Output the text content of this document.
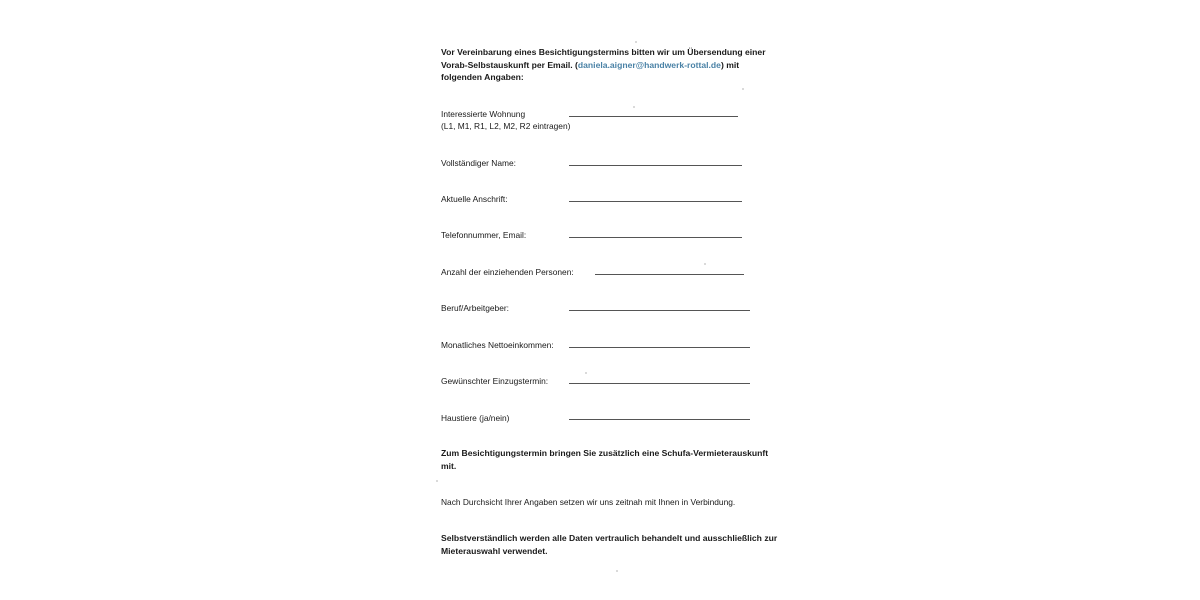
Vor Vereinbarung eines Besichtigungstermins bitten wir um Übersendung einer Vorab-Selbstauskunft per Email. (daniela.aigner@handwerk-rottal.de) mit folgenden Angaben:

Interessierte Wohnung
(L1, M1, R1, L2, M2, R2 eintragen)
Vollständiger Name:
Aktuelle Anschrift:
Telefonnummer, Email:
Anzahl der einziehenden Personen:
Beruf/Arbeitgeber:
Monatliches Nettoeinkommen:
Gewünschter Einzugstermin:
Haustiere (ja/nein)

Zum Besichtigungstermin bringen Sie zusätzlich eine Schufa-Vermieterauskunft mit.

Nach Durchsicht Ihrer Angaben setzen wir uns zeitnah mit Ihnen in Verbindung.

Selbstverständlich werden alle Daten vertraulich behandelt und ausschließlich zur Mieterauswahl verwendet.
